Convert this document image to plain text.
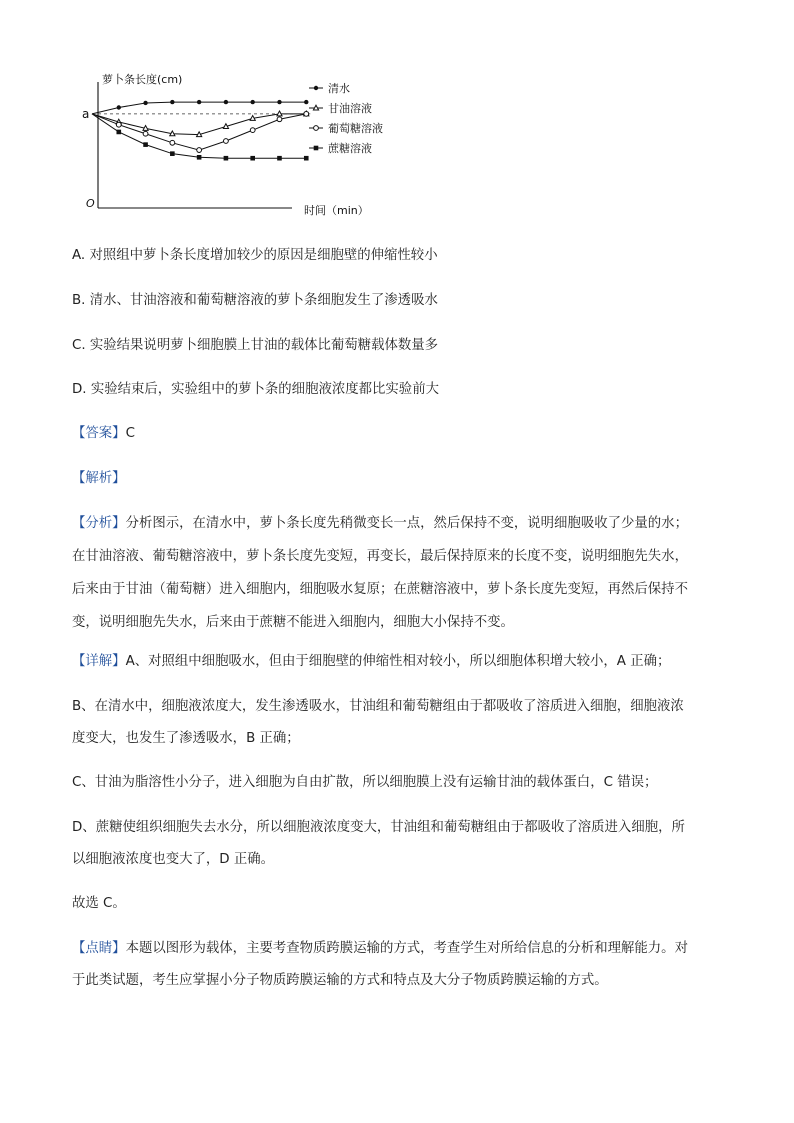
萝卜条长度(cm)
时间（min）
O
a
清水
甘油溶液
葡萄糖溶液
蔗糖溶液
A. 对照组中萝卜条长度增加较少的原因是细胞壁的伸缩性较小
B. 清水、甘油溶液和葡萄糖溶液的萝卜条细胞发生了渗透吸水
C. 实验结果说明萝卜细胞膜上甘油的载体比葡萄糖载体数量多
D. 实验结束后，实验组中的萝卜条的细胞液浓度都比实验前大
【答案】C
【解析】
【分析】分析图示，在清水中，萝卜条长度先稍微变长一点，然后保持不变，说明细胞吸收了少量的水；
在甘油溶液、葡萄糖溶液中，萝卜条长度先变短，再变长，最后保持原来的长度不变，说明细胞先失水，
后来由于甘油（葡萄糖）进入细胞内，细胞吸水复原；在蔗糖溶液中，萝卜条长度先变短，再然后保持不
变，说明细胞先失水，后来由于蔗糖不能进入细胞内，细胞大小保持不变。
【详解】A、对照组中细胞吸水，但由于细胞壁的伸缩性相对较小，所以细胞体积增大较小，A 正确；
B、在清水中，细胞液浓度大，发生渗透吸水，甘油组和葡萄糖组由于都吸收了溶质进入细胞，细胞液浓
度变大，也发生了渗透吸水，B 正确；
C、甘油为脂溶性小分子，进入细胞为自由扩散，所以细胞膜上没有运输甘油的载体蛋白，C 错误；
D、蔗糖使组织细胞失去水分，所以细胞液浓度变大，甘油组和葡萄糖组由于都吸收了溶质进入细胞，所
以细胞液浓度也变大了，D 正确。
故选 C。
【点睛】本题以图形为载体，主要考查物质跨膜运输的方式，考查学生对所给信息的分析和理解能力。对
于此类试题，考生应掌握小分子物质跨膜运输的方式和特点及大分子物质跨膜运输的方式。
